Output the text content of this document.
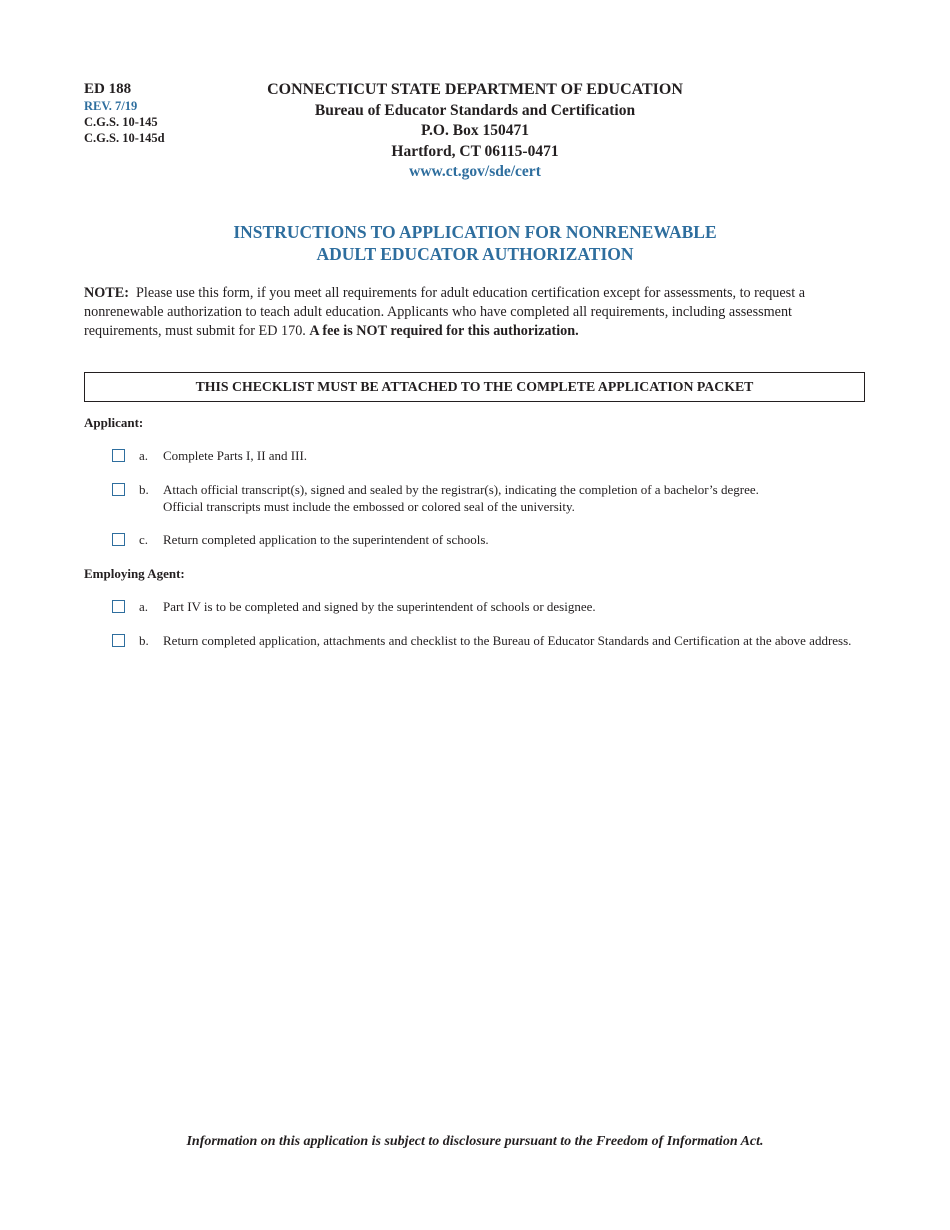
ED 188
REV. 7/19
C.G.S. 10-145
C.G.S. 10-145d
CONNECTICUT STATE DEPARTMENT OF EDUCATION
Bureau of Educator Standards and Certification
P.O. Box 150471
Hartford, CT 06115-0471
www.ct.gov/sde/cert
INSTRUCTIONS TO APPLICATION FOR NONRENEWABLE
ADULT EDUCATOR AUTHORIZATION
NOTE: Please use this form, if you meet all requirements for adult education certification except for assessments, to request a nonrenewable authorization to teach adult education. Applicants who have completed all requirements, including assessment requirements, must submit for ED 170. A fee is NOT required for this authorization.
THIS CHECKLIST MUST BE ATTACHED TO THE COMPLETE APPLICATION PACKET
Applicant:
a. Complete Parts I, II and III.
b. Attach official transcript(s), signed and sealed by the registrar(s), indicating the completion of a bachelor’s degree.
Official transcripts must include the embossed or colored seal of the university.
c. Return completed application to the superintendent of schools.
Employing Agent:
a. Part IV is to be completed and signed by the superintendent of schools or designee.
b. Return completed application, attachments and checklist to the Bureau of Educator Standards and Certification at the above address.
Information on this application is subject to disclosure pursuant to the Freedom of Information Act.
